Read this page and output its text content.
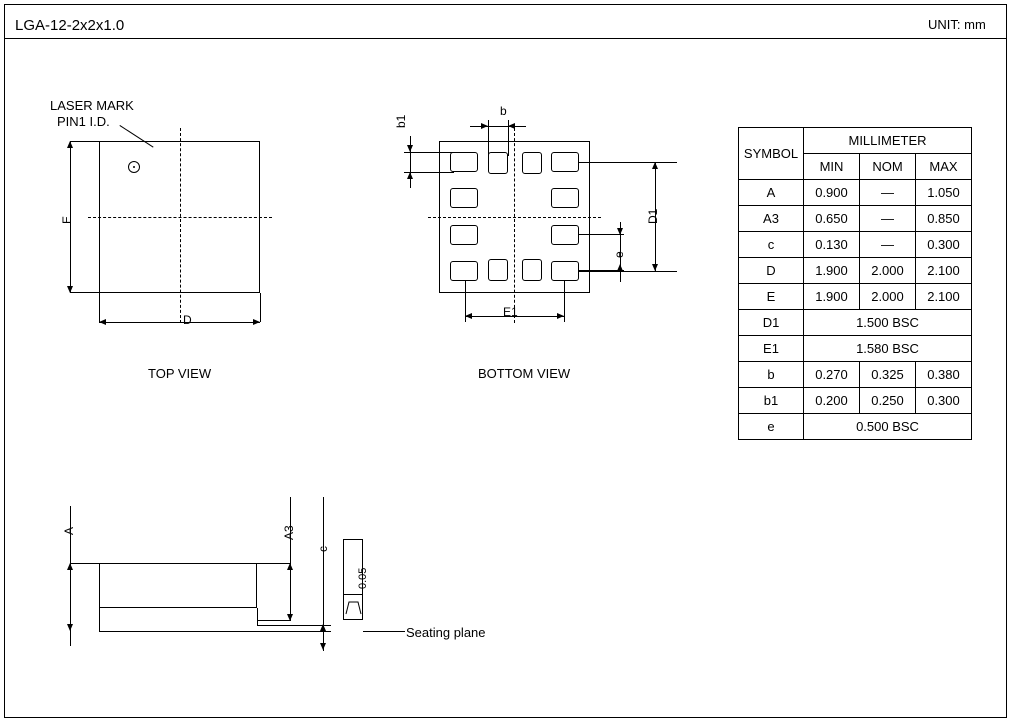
LGA-12-2x2x1.0	UNIT: mm
LASER MARK
PIN1 I.D.
E
D
TOP VIEW
b
b1
e
D1
E1
BOTTOM VIEW
A	A3
c
0.05
Seating plane
SYMBOL	MILLIMETER		
	MIN	NOM	MAX
A	0.900	—	1.050
A3	0.650	—	0.850
c	0.130	—	0.300
D	1.900	2.000	2.100
E	1.900	2.000	2.100
D1	1.500 BSC		
E1	1.580 BSC		
b	0.270	0.325	0.380
b1	0.200	0.250	0.300
e	0.500 BSC		
